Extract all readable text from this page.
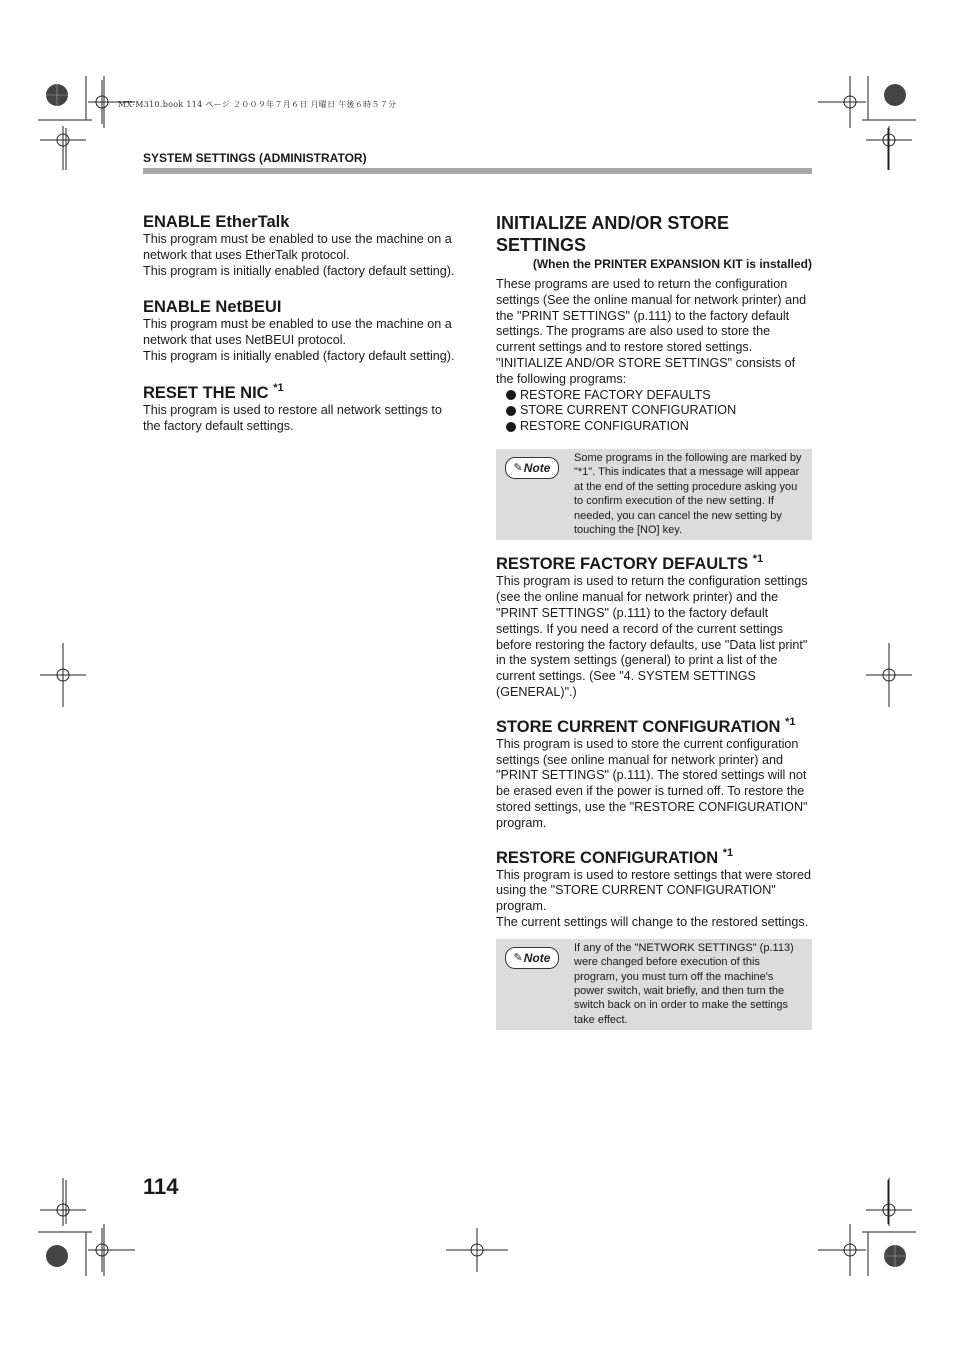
MX-M310.book 114 ページ ２００９年７月６日 月曜日 午後６時５７分
SYSTEM SETTINGS (ADMINISTRATOR)
ENABLE EtherTalk

This program must be enabled to use the machine on a network that uses EtherTalk protocol.

This program is initially enabled (factory default setting).

ENABLE NetBEUI

This program must be enabled to use the machine on a network that uses NetBEUI protocol.

This program is initially enabled (factory default setting).

RESET THE NIC $^{*1}$

This program is used to restore all network settings to the factory default settings.

INITIALIZE AND/OR STORE SETTINGS
(When the PRINTER EXPANSION KIT is installed)

These programs are used to return the configuration settings (See the online manual for network printer) and the "PRINT SETTINGS" (p.111) to the factory default settings. The programs are also used to store the current settings and to restore stored settings. "INITIALIZE AND/OR STORE SETTINGS" consists of the following programs:

RESTORE FACTORY DEFAULTS
STORE CURRENT CONFIGURATION
RESTORE CONFIGURATION
✎ Note
Some programs in the following are marked by "*1". This indicates that a message will appear at the end of the setting procedure asking you to confirm execution of the new setting. If needed, you can cancel the new setting by touching the [NO] key.
RESTORE FACTORY DEFAULTS $^{*1}$

This program is used to return the configuration settings (see the online manual for network printer) and the "PRINT SETTINGS" (p.111) to the factory default settings. If you need a record of the current settings before restoring the factory defaults, use "Data list print" in the system settings (general) to print a list of the current settings. (See "4. SYSTEM SETTINGS (GENERAL)".)

STORE CURRENT CONFIGURATION $^{*1}$

This program is used to store the current configuration settings (see online manual for network printer) and "PRINT SETTINGS" (p.111). The stored settings will not be erased even if the power is turned off. To restore the stored settings, use the "RESTORE CONFIGURATION" program.

RESTORE CONFIGURATION $^{*1}$

This program is used to restore settings that were stored using the "STORE CURRENT CONFIGURATION" program.

The current settings will change to the restored settings.

✎ Note
If any of the "NETWORK SETTINGS" (p.113) were changed before execution of this program, you must turn off the machine's power switch, wait briefly, and then turn the switch back on in order to make the settings take effect.
114
